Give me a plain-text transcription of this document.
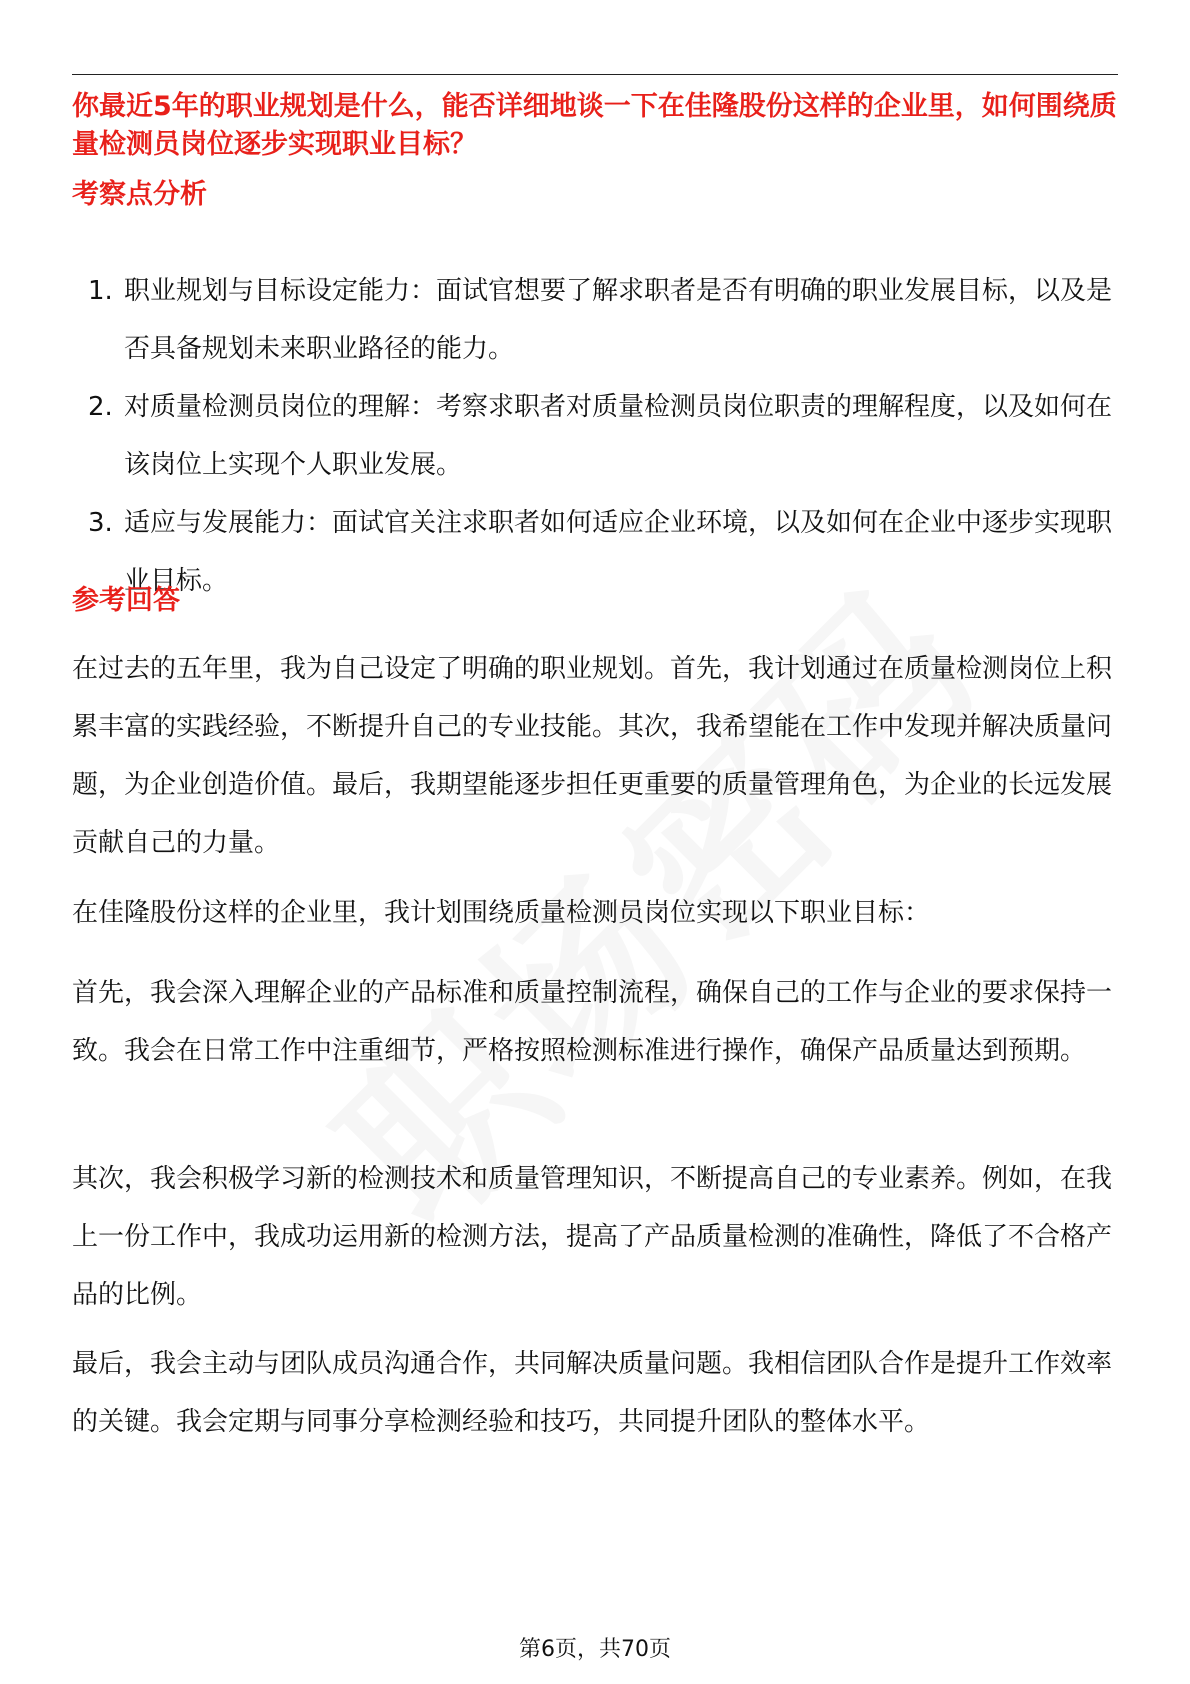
你最近5年的职业规划是什么，能否详细地谈一下在佳隆股份这样的企业里，如何围绕质量检测员岗位逐步实现职业目标？
考察点分析
1. 职业规划与目标设定能力：面试官想要了解求职者是否有明确的职业发展目标，以及是否具备规划未来职业路径的能力。
2. 对质量检测员岗位的理解：考察求职者对质量检测员岗位职责的理解程度，以及如何在该岗位上实现个人职业发展。
3. 适应与发展能力：面试官关注求职者如何适应企业环境，以及如何在企业中逐步实现职业目标。
参考回答

在过去的五年里，我为自己设定了明确的职业规划。首先，我计划通过在质量检测岗位上积累丰富的实践经验，不断提升自己的专业技能。其次，我希望能在工作中发现并解决质量问题，为企业创造价值。最后，我期望能逐步担任更重要的质量管理角色，为企业的长远发展贡献自己的力量。

在佳隆股份这样的企业里，我计划围绕质量检测员岗位实现以下职业目标：

首先，我会深入理解企业的产品标准和质量控制流程，确保自己的工作与企业的要求保持一致。我会在日常工作中注重细节，严格按照检测标准进行操作，确保产品质量达到预期。

其次，我会积极学习新的检测技术和质量管理知识，不断提高自己的专业素养。例如，在我上一份工作中，我成功运用新的检测方法，提高了产品质量检测的准确性，降低了不合格产品的比例。

最后，我会主动与团队成员沟通合作，共同解决质量问题。我相信团队合作是提升工作效率的关键。我会定期与同事分享检测经验和技巧，共同提升团队的整体水平。

第6页，共70页
